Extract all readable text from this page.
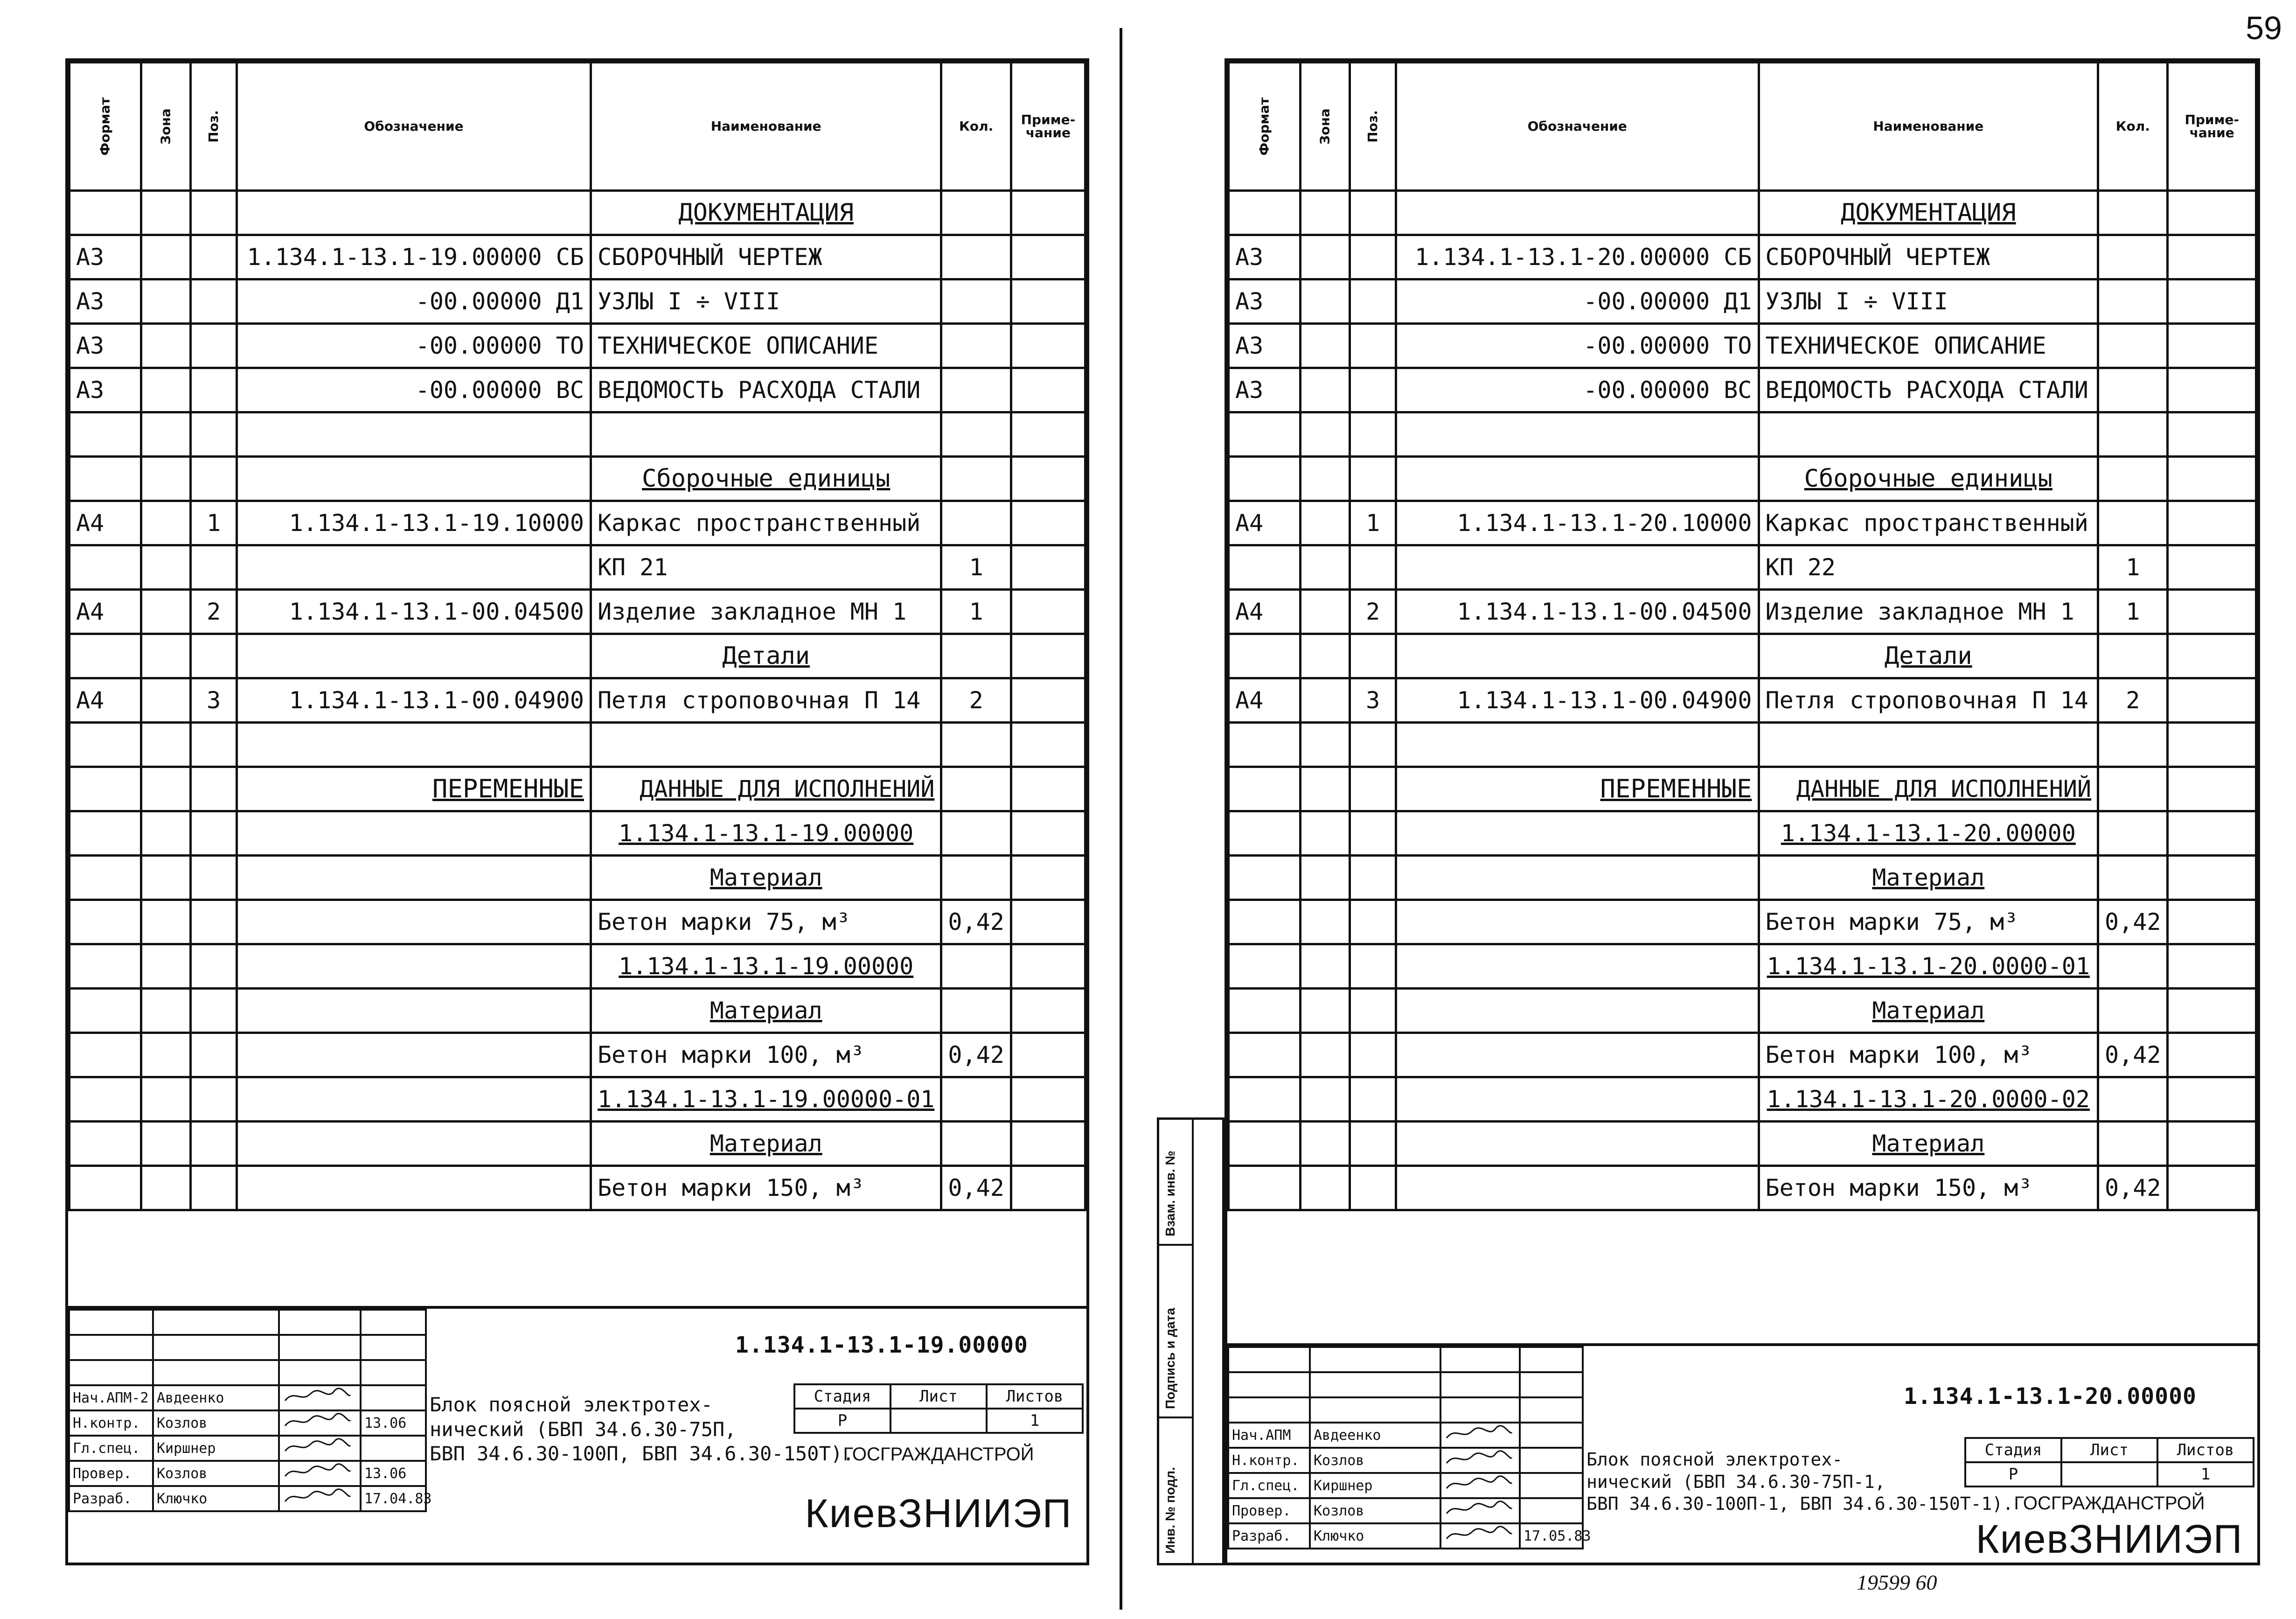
59
Формат	Зона	Поз.	Обозначение	Наименование	Кол.	Приме-чание
				ДОКУМЕНТАЦИЯ		
А3			1.134.1-13.1-19.00000 СБ	СБОРОЧНЫЙ ЧЕРТЕЖ		
А3			-00.00000 Д1	УЗЛЫ I ÷ VIII		
А3			-00.00000 ТО	ТЕХНИЧЕСКОЕ ОПИСАНИЕ		
А3			-00.00000 ВС	ВЕДОМОСТЬ РАСХОДА СТАЛИ		

				Сборочные единицы		
А4		1	1.134.1-13.1-19.10000	Каркас пространственный		
				КП 21	1	
А4		2	1.134.1-13.1-00.04500	Изделие закладное МН 1	1	
				Детали		
А4		3	1.134.1-13.1-00.04900	Петля строповочная П 14	2	

			ПЕРЕМЕННЫЕ	ДАННЫЕ ДЛЯ ИСПОЛНЕНИЙ		
				1.134.1-13.1-19.00000		
				Материал		
				Бетон марки 75, м³	0,42	
				1.134.1-13.1-19.00000		
				Материал		
				Бетон марки 100, м³	0,42	
				1.134.1-13.1-19.00000-01		
				Материал		
				Бетон марки 150, м³	0,42	

Нач.АПМ-2	Авдеенко		
Н.контр.	Козлов		13.06
Гл.спец.	Киршнер		
Провер.	Козлов		13.06
Разраб.	Ключко		17.04.83
1.134.1-13.1-19.00000
Блок поясной электротех-
нический (БВП 34.6.30-75П,
БВП 34.6.30-100П, БВП 34.6.30-150Т).
Стадия	Лист	Листов
Р		1
ГОСГРАЖДАНСТРОЙ
КиевЗНИИЭП
Формат	Зона	Поз.	Обозначение	Наименование	Кол.	Приме-чание
				ДОКУМЕНТАЦИЯ		
А3			1.134.1-13.1-20.00000 СБ	СБОРОЧНЫЙ ЧЕРТЕЖ		
А3			-00.00000 Д1	УЗЛЫ I ÷ VIII		
А3			-00.00000 ТО	ТЕХНИЧЕСКОЕ ОПИСАНИЕ		
А3			-00.00000 ВС	ВЕДОМОСТЬ РАСХОДА СТАЛИ		

				Сборочные единицы		
А4		1	1.134.1-13.1-20.10000	Каркас пространственный		
				КП 22	1	
А4		2	1.134.1-13.1-00.04500	Изделие закладное МН 1	1	
				Детали		
А4		3	1.134.1-13.1-00.04900	Петля строповочная П 14	2	

			ПЕРЕМЕННЫЕ	ДАННЫЕ ДЛЯ ИСПОЛНЕНИЙ		
				1.134.1-13.1-20.00000		
				Материал		
				Бетон марки 75, м³	0,42	
				1.134.1-13.1-20.0000-01		
				Материал		
				Бетон марки 100, м³	0,42	
				1.134.1-13.1-20.0000-02		
				Материал		
				Бетон марки 150, м³	0,42	

Нач.АПМ	Авдеенко		
Н.контр.	Козлов		
Гл.спец.	Киршнер		
Провер.	Козлов		
Разраб.	Ключко		17.05.83
1.134.1-13.1-20.00000
Блок поясной электротех-
нический (БВП 34.6.30-75П-1,
БВП 34.6.30-100П-1, БВП 34.6.30-150Т-1).
Стадия	Лист	Листов
Р		1
ГОСГРАЖДАНСТРОЙ
КиевЗНИИЭП
Взам. инв. №
Подпись и дата
Инв. № подл.
19599 60
